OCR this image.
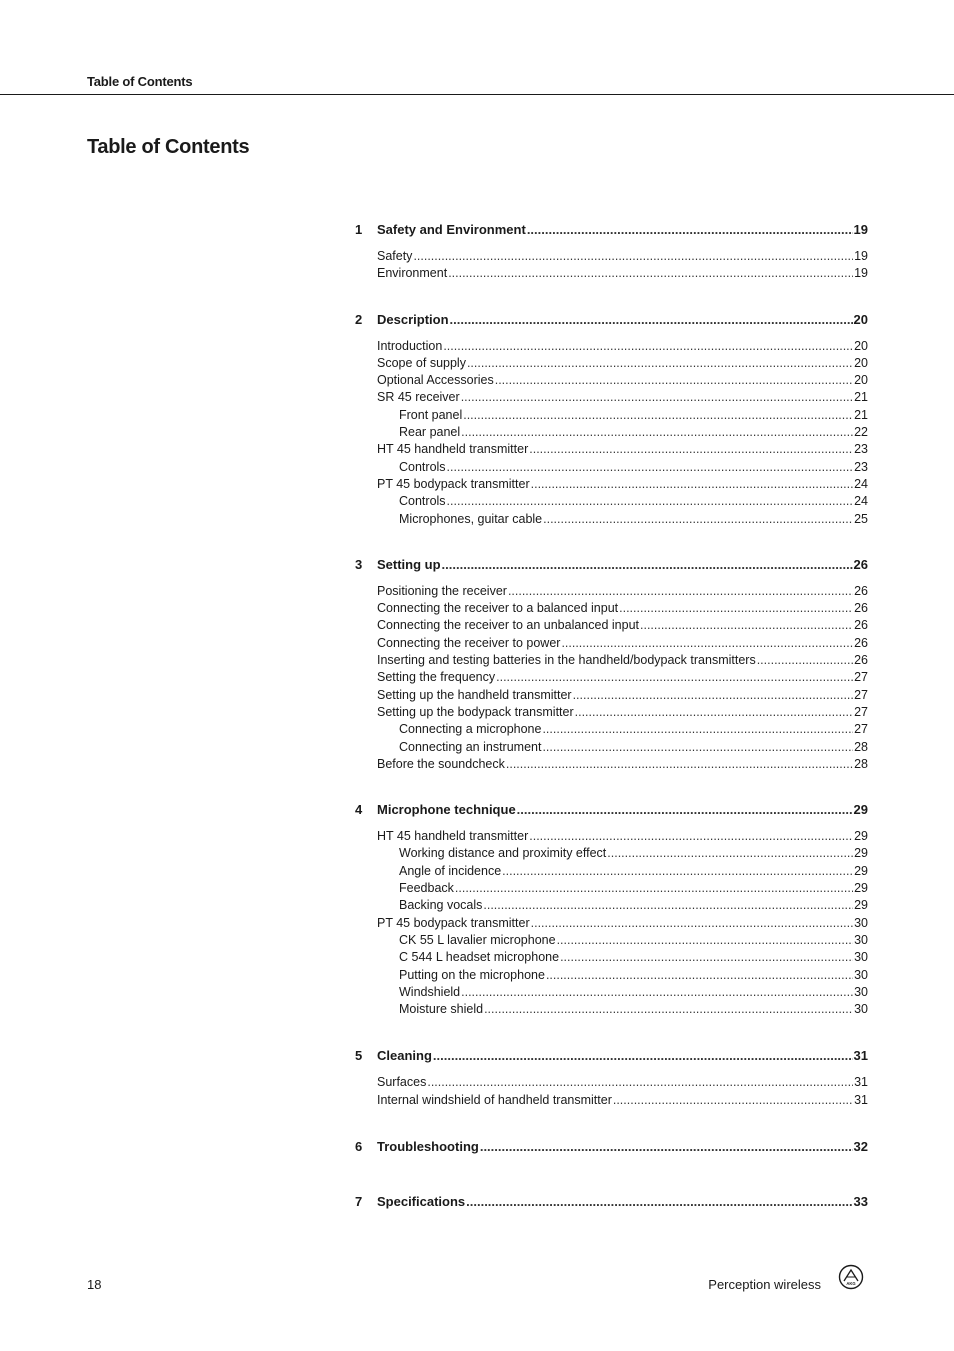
Table of Contents
Table of Contents
1	Safety and Environment .....	19
Safety .....	19
Environment .....	19
2	Description .....	20
Introduction .....	20
Scope of supply .....	20
Optional Accessories .....	20
SR 45 receiver .....	21
Front panel .....	21
Rear panel .....	22
HT 45 handheld transmitter .....	23
Controls .....	23
PT 45 bodypack transmitter .....	24
Controls .....	24
Microphones, guitar cable .....	25
3	Setting up .....	26
Positioning the receiver .....	26
Connecting the receiver to a balanced input .....	26
Connecting the receiver to an unbalanced input .....	26
Connecting the receiver to power .....	26
Inserting and testing batteries in the handheld/bodypack transmitters .....	26
Setting the frequency .....	27
Setting up the handheld transmitter .....	27
Setting up the bodypack transmitter .....	27
Connecting a microphone .....	27
Connecting an instrument .....	28
Before the soundcheck .....	28
4	Microphone technique .....	29
HT 45 handheld transmitter .....	29
Working distance and proximity effect .....	29
Angle of incidence .....	29
Feedback .....	29
Backing vocals .....	29
PT 45 bodypack transmitter .....	30
CK 55 L lavalier microphone .....	30
C 544 L headset microphone .....	30
Putting on the microphone .....	30
Windshield .....	30
Moisture shield .....	30
5	Cleaning .....	31
Surfaces .....	31
Internal windshield of handheld transmitter .....	31
6	Troubleshooting .....	32
7	Specifications .....	33
18	Perception wireless	AKG
